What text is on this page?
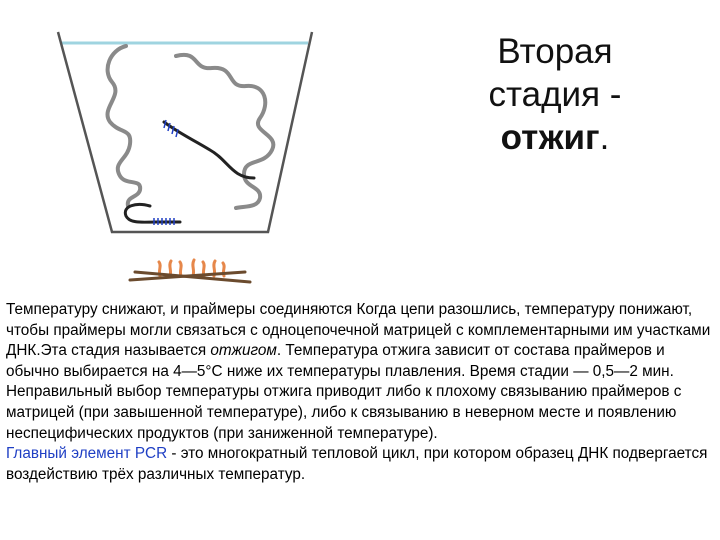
Вторая
стадия -
отжиг.
Температуру снижают, и праймеры соединяются Когда цепи разошлись, температуру понижают, чтобы праймеры могли связаться с одноцепочечной матрицей с комплементарными им участками ДНК.Эта стадия называется отжигом. Температура отжига зависит от состава праймеров и обычно выбирается на 4—5°С ниже их температуры плавления. Время стадии — 0,5—2 мин. Неправильный выбор температуры отжига приводит либо к плохому связыванию праймеров с матрицей (при завышенной температуре), либо к связыванию в неверном месте и появлению неспецифических продуктов (при заниженной температуре).
Главный элемент PCR - это многократный тепловой цикл, при котором образец ДНК подвергается воздействию трёх различных температур.
